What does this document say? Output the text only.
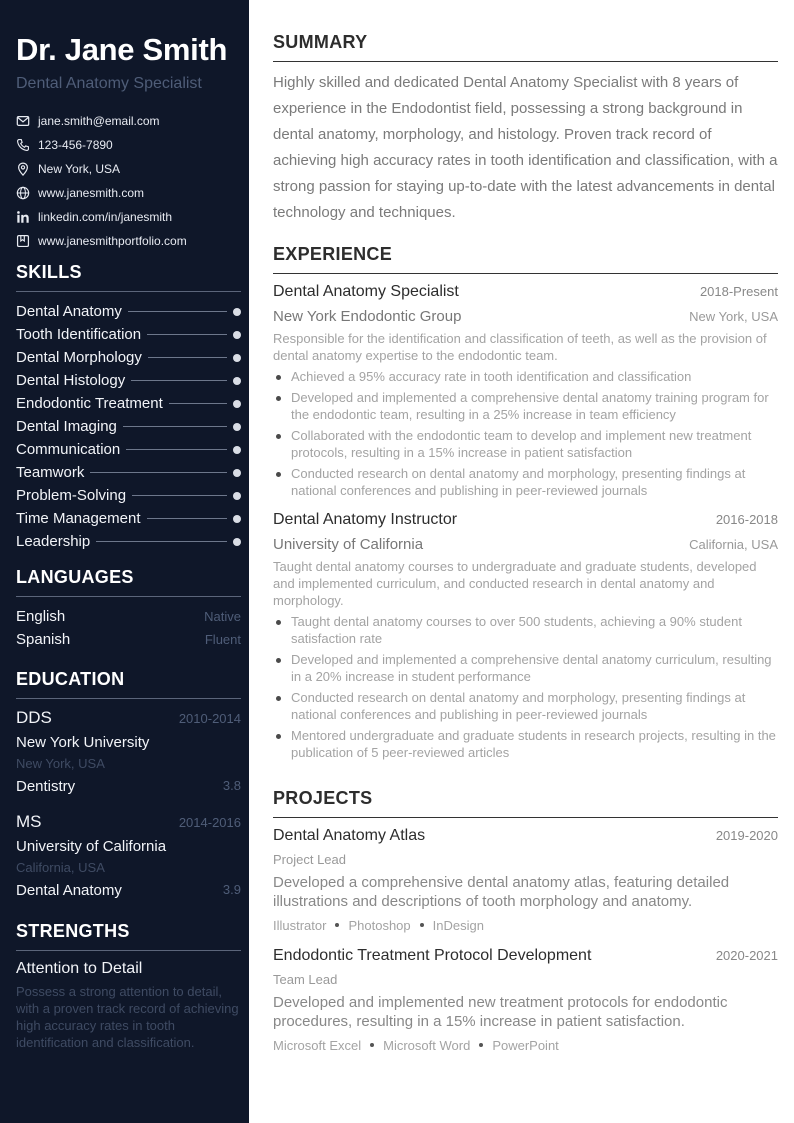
Dr. Jane Smith
Dental Anatomy Specialist
jane.smith@email.com
123-456-7890
New York, USA
www.janesmith.com
linkedin.com/in/janesmith
www.janesmithportfolio.com
SKILLS
Dental Anatomy
Tooth Identification
Dental Morphology
Dental Histology
Endodontic Treatment
Dental Imaging
Communication
Teamwork
Problem-Solving
Time Management
Leadership
LANGUAGES
English	Native
Spanish	Fluent
EDUCATION
DDS	2010-2014
New York University
New York, USA
Dentistry	3.8
MS	2014-2016
University of California
California, USA
Dental Anatomy	3.9
STRENGTHS
Attention to Detail
Possess a strong attention to detail, with a proven track record of achieving high accuracy rates in tooth identification and classification.
SUMMARY

Highly skilled and dedicated Dental Anatomy Specialist with 8 years of experience in the Endodontist field, possessing a strong background in dental anatomy, morphology, and histology. Proven track record of achieving high accuracy rates in tooth identification and classification, with a strong passion for staying up-to-date with the latest advancements in dental technology and techniques.

EXPERIENCE
Dental Anatomy Specialist	2018-Present
New York Endodontic Group	New York, USA

Responsible for the identification and classification of teeth, as well as the provision of dental anatomy expertise to the endodontic team.

Achieved a 95% accuracy rate in tooth identification and classification
Developed and implemented a comprehensive dental anatomy training program for the endodontic team, resulting in a 25% increase in team efficiency
Collaborated with the endodontic team to develop and implement new treatment protocols, resulting in a 15% increase in patient satisfaction
Conducted research on dental anatomy and morphology, presenting findings at national conferences and publishing in peer-reviewed journals
Dental Anatomy Instructor	2016-2018
University of California	California, USA

Taught dental anatomy courses to undergraduate and graduate students, developed and implemented curriculum, and conducted research in dental anatomy and morphology.

Taught dental anatomy courses to over 500 students, achieving a 90% student satisfaction rate
Developed and implemented a comprehensive dental anatomy curriculum, resulting in a 20% increase in student performance
Conducted research on dental anatomy and morphology, presenting findings at national conferences and publishing in peer-reviewed journals
Mentored undergraduate and graduate students in research projects, resulting in the publication of 5 peer-reviewed articles
PROJECTS
Dental Anatomy Atlas	2019-2020
Project Lead

Developed a comprehensive dental anatomy atlas, featuring detailed illustrations and descriptions of tooth morphology and anatomy.

Illustrator Photoshop InDesign
Endodontic Treatment Protocol Development	2020-2021
Team Lead

Developed and implemented new treatment protocols for endodontic procedures, resulting in a 15% increase in patient satisfaction.

Microsoft Excel Microsoft Word PowerPoint
